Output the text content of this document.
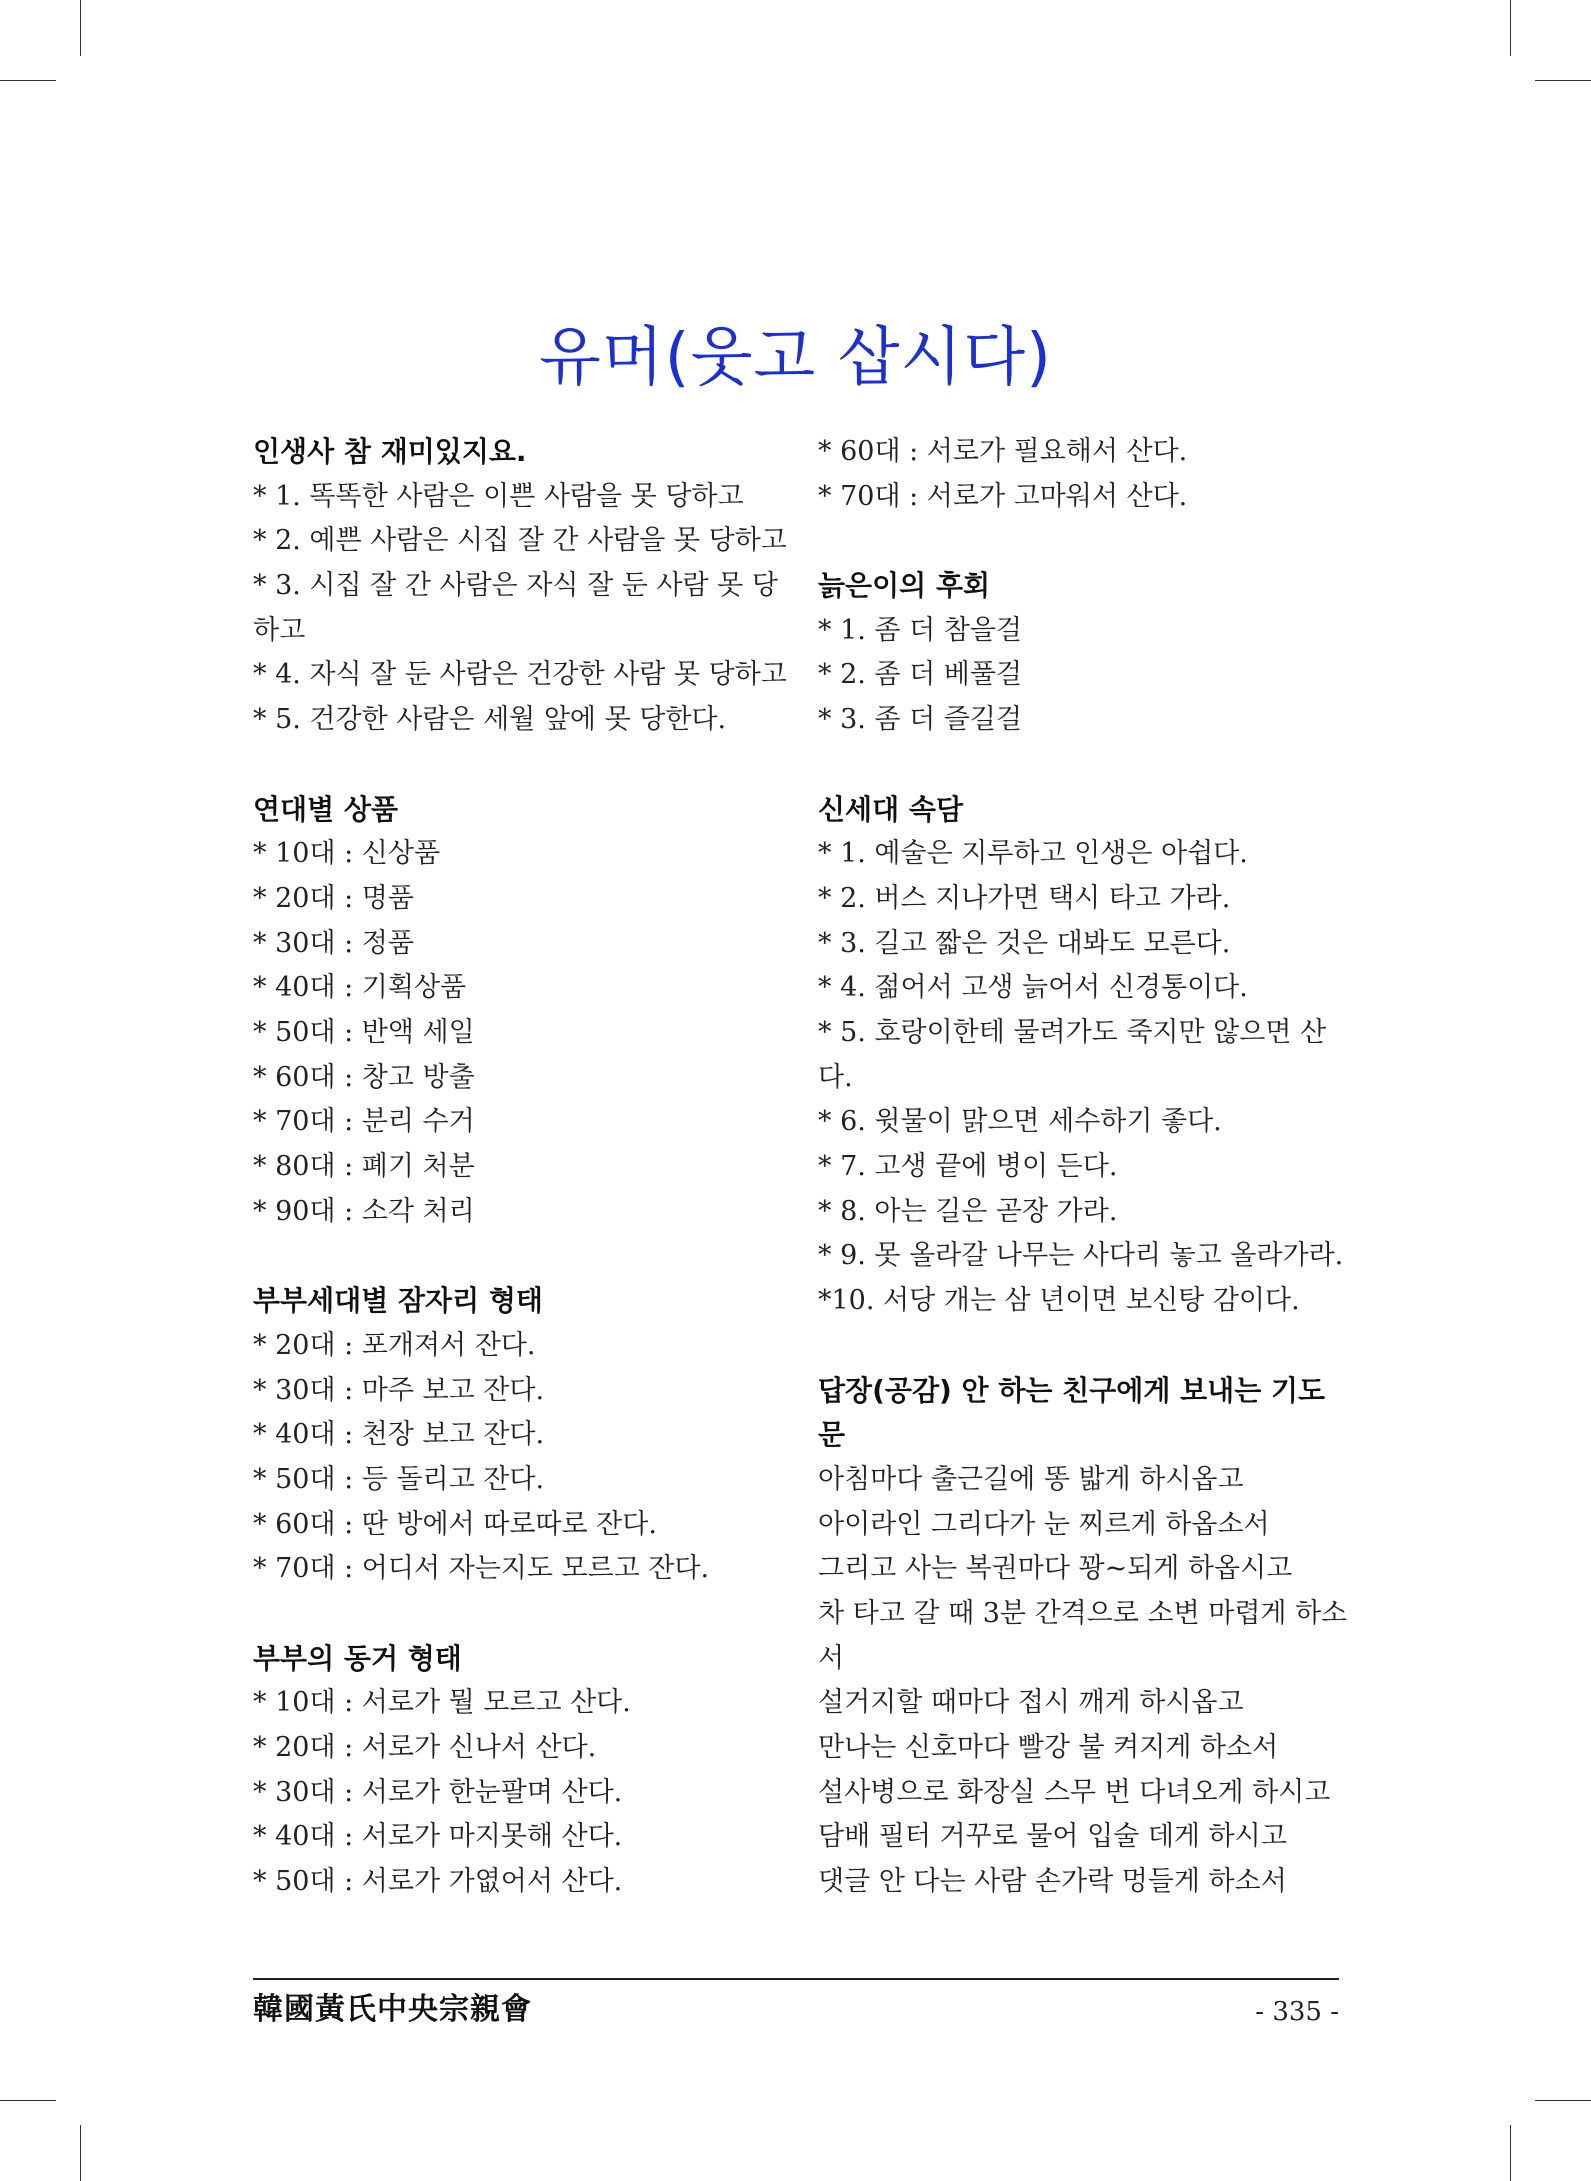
유머(웃고 삽시다)
인생사 참 재미있지요.
* 1. 똑똑한 사람은 이쁜 사람을 못 당하고
* 2. 예쁜 사람은 시집 잘 간 사람을 못 당하고
* 3. 시집 잘 간 사람은 자식 잘 둔 사람 못 당하고
* 4. 자식 잘 둔 사람은 건강한 사람 못 당하고
* 5. 건강한 사람은 세월 앞에 못 당한다.
연대별 상품
* 10대 : 신상품
* 20대 : 명품
* 30대 : 정품
* 40대 : 기획상품
* 50대 : 반액 세일
* 60대 : 창고 방출
* 70대 : 분리 수거
* 80대 : 폐기 처분
* 90대 : 소각 처리
부부세대별 잠자리 형태
* 20대 : 포개져서 잔다.
* 30대 : 마주 보고 잔다.
* 40대 : 천장 보고 잔다.
* 50대 : 등 돌리고 잔다.
* 60대 : 딴 방에서 따로따로 잔다.
* 70대 : 어디서 자는지도 모르고 잔다.
부부의 동거 형태
* 10대 : 서로가 뭘 모르고 산다.
* 20대 : 서로가 신나서 산다.
* 30대 : 서로가 한눈팔며 산다.
* 40대 : 서로가 마지못해 산다.
* 50대 : 서로가 가엾어서 산다.
* 60대 : 서로가 필요해서 산다.
* 70대 : 서로가 고마워서 산다.
늙은이의 후회
* 1. 좀 더 참을걸
* 2. 좀 더 베풀걸
* 3. 좀 더 즐길걸
신세대 속담
* 1. 예술은 지루하고 인생은 아쉽다.
* 2. 버스 지나가면 택시 타고 가라.
* 3. 길고 짧은 것은 대봐도 모른다.
* 4. 젊어서 고생 늙어서 신경통이다.
* 5. 호랑이한테 물려가도 죽지만 않으면 산다.
* 6. 윗물이 맑으면 세수하기 좋다.
* 7. 고생 끝에 병이 든다.
* 8. 아는 길은 곧장 가라.
* 9. 못 올라갈 나무는 사다리 놓고 올라가라.
*10. 서당 개는 삼 년이면 보신탕 감이다.
답장(공감) 안 하는 친구에게 보내는 기도문
아침마다 출근길에 똥 밟게 하시옵고
아이라인 그리다가 눈 찌르게 하옵소서
그리고 사는 복권마다 꽝~되게 하옵시고
차 타고 갈 때 3분 간격으로 소변 마렵게 하소서
설거지할 때마다 접시 깨게 하시옵고
만나는 신호마다 빨강 불 켜지게 하소서
설사병으로 화장실 스무 번 다녀오게 하시고
담배 필터 거꾸로 물어 입술 데게 하시고
댓글 안 다는 사람 손가락 멍들게 하소서
韓國黃氏中央宗親會	- 335 -
